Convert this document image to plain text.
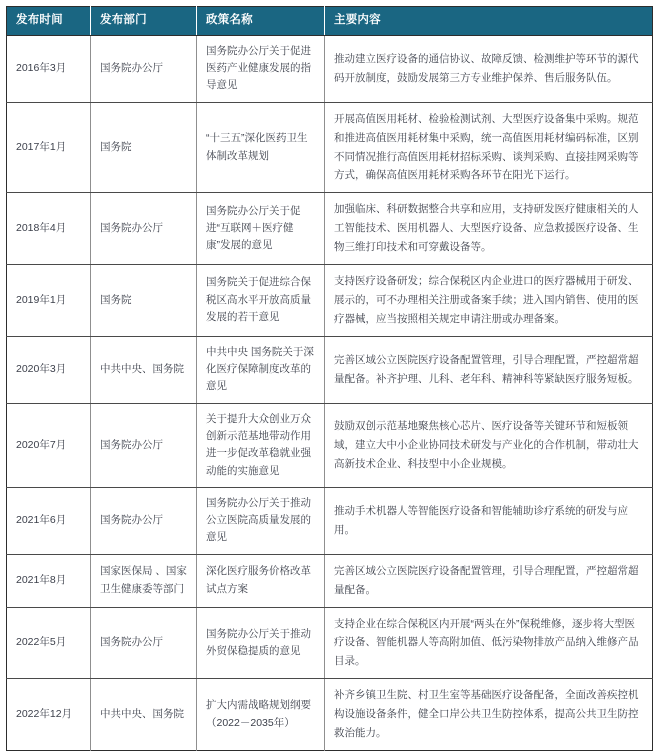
发布时间	发布部门	政策名称	主要内容
2016年3月	国务院办公厅	国务院办公厅关于促进医药产业健康发展的指导意见	推动建立医疗设备的通信协议、故障反馈、检测维护等环节的源代码开放制度，鼓励发展第三方专业维护保养、售后服务队伍。
2017年1月	国务院	“十三五”深化医药卫生体制改革规划	开展高值医用耗材、检验检测试剂、大型医疗设备集中采购。规范和推进高值医用耗材集中采购，统一高值医用耗材编码标准，区别不同情况推行高值医用耗材招标采购、谈判采购、直接挂网采购等方式，确保高值医用耗材采购各环节在阳光下运行。
2018年4月	国务院办公厅	国务院办公厅关于促进“互联网＋医疗健康”发展的意见	加强临床、科研数据整合共享和应用，支持研发医疗健康相关的人工智能技术、医用机器人、大型医疗设备、应急救援医疗设备、生物三维打印技术和可穿戴设备等。
2019年1月	国务院	国务院关于促进综合保税区高水平开放高质量发展的若干意见	支持医疗设备研发；综合保税区内企业进口的医疗器械用于研发、展示的，可不办理相关注册或备案手续；进入国内销售、使用的医疗器械，应当按照相关规定申请注册或办理备案。
2020年3月	中共中央、国务院	中共中央 国务院关于深化医疗保障制度改革的意见	完善区域公立医院医疗设备配置管理，引导合理配置，严控超常超量配备。补齐护理、儿科、老年科、精神科等紧缺医疗服务短板。
2020年7月	国务院办公厅	关于提升大众创业万众创新示范基地带动作用进一步促改革稳就业强动能的实施意见	鼓励双创示范基地聚焦核心芯片、医疗设备等关键环节和短板领域，建立大中小企业协同技术研发与产业化的合作机制，带动壮大高新技术企业、科技型中小企业规模。
2021年6月	国务院办公厅	国务院办公厅关于推动公立医院高质量发展的意见	推动手术机器人等智能医疗设备和智能辅助诊疗系统的研发与应用。
2021年8月	国家医保局 、国家卫生健康委等部门	深化医疗服务价格改革试点方案	完善区域公立医院医疗设备配置管理，引导合理配置，严控超常超量配备。
2022年5月	国务院办公厅	国务院办公厅关于推动外贸保稳提质的意见	支持企业在综合保税区内开展“两头在外”保税维修，逐步将大型医疗设备、智能机器人等高附加值、低污染物排放产品纳入维修产品目录。
2022年12月	中共中央、国务院	扩大内需战略规划纲要（2022－2035年）	补齐乡镇卫生院、村卫生室等基础医疗设备配备，全面改善疾控机构设施设备条件，健全口岸公共卫生防控体系，提高公共卫生防控救治能力。
